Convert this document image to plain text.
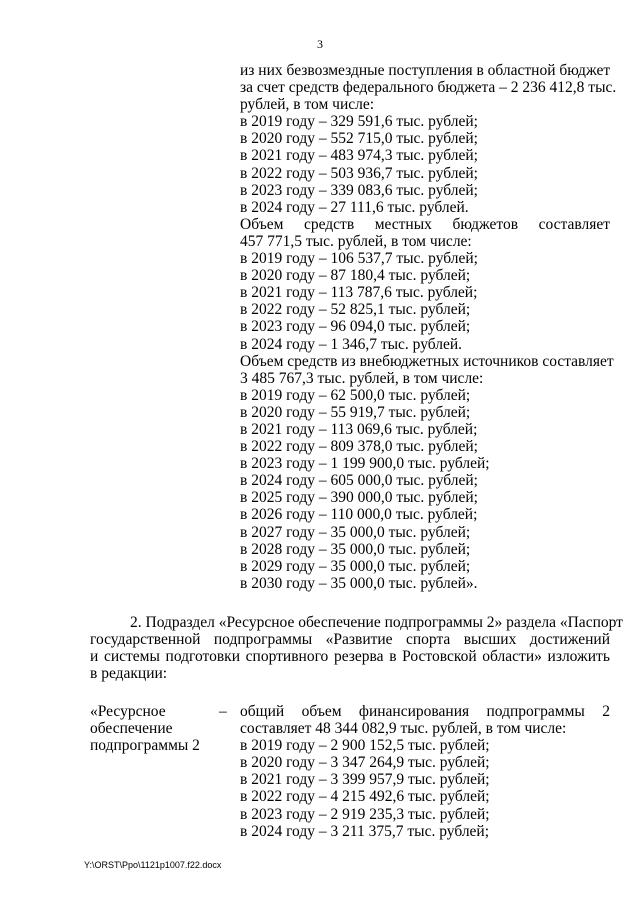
3
из них безвозмездные поступления в областной бюджет
за счет средств федерального бюджета – 2 236 412,8 тыс.
рублей, в том числе:
в 2019 году – 329 591,6 тыс. рублей;
в 2020 году – 552 715,0 тыс. рублей;
в 2021 году – 483 974,3 тыс. рублей;
в 2022 году – 503 936,7 тыс. рублей;
в 2023 году – 339 083,6 тыс. рублей;
в 2024 году – 27 111,6 тыс. рублей.
Объем средств местных бюджетов составляет
457 771,5 тыс. рублей, в том числе:
в 2019 году – 106 537,7 тыс. рублей;
в 2020 году – 87 180,4 тыс. рублей;
в 2021 году – 113 787,6 тыс. рублей;
в 2022 году – 52 825,1 тыс. рублей;
в 2023 году – 96 094,0 тыс. рублей;
в 2024 году – 1 346,7 тыс. рублей.
Объем средств из внебюджетных источников составляет
3 485 767,3 тыс. рублей, в том числе:
в 2019 году – 62 500,0 тыс. рублей;
в 2020 году – 55 919,7 тыс. рублей;
в 2021 году – 113 069,6 тыс. рублей;
в 2022 году – 809 378,0 тыс. рублей;
в 2023 году – 1 199 900,0 тыс. рублей;
в 2024 году – 605 000,0 тыс. рублей;
в 2025 году – 390 000,0 тыс. рублей;
в 2026 году – 110 000,0 тыс. рублей;
в 2027 году – 35 000,0 тыс. рублей;
в 2028 году – 35 000,0 тыс. рублей;
в 2029 году – 35 000,0 тыс. рублей;
в 2030 году – 35 000,0 тыс. рублей».
2. Подраздел «Ресурсное обеспечение подпрограммы 2» раздела «Паспорт
государственной подпрограммы «Развитие спорта высших достижений
и системы подготовки спортивного резерва в Ростовской области» изложить
в редакции:
«Ресурсное
обеспечение
подпрограммы 2
– общий объем финансирования подпрограммы 2
составляет 48 344 082,9 тыс. рублей, в том числе:
в 2019 году – 2 900 152,5 тыс. рублей;
в 2020 году – 3 347 264,9 тыс. рублей;
в 2021 году – 3 399 957,9 тыс. рублей;
в 2022 году – 4 215 492,6 тыс. рублей;
в 2023 году – 2 919 235,3 тыс. рублей;
в 2024 году – 3 211 375,7 тыс. рублей;
Y:\ORST\Ppo\1121p1007.f22.docx
